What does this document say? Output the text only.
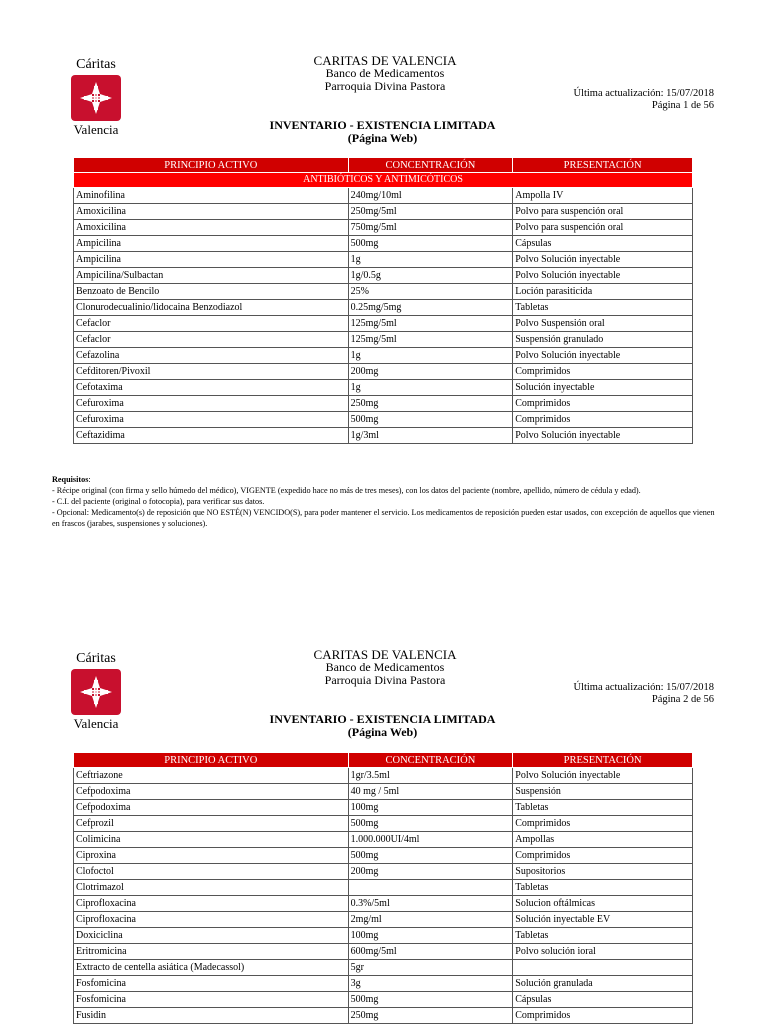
Cáritas
Valencia
CARITAS DE VALENCIA
Banco de Medicamentos
Parroquia Divina Pastora
Última actualización: 15/07/2018
Página 1 de 56
INVENTARIO - EXISTENCIA LIMITADA
(Página Web)
PRINCIPIO ACTIVO	CONCENTRACIÓN	PRESENTACIÓN
ANTIBIÓTICOS Y ANTIMICÓTICOS		
Aminofilina	240mg/10ml	Ampolla IV
Amoxicilina	250mg/5ml	Polvo para suspención oral
Amoxicilina	750mg/5ml	Polvo para suspención oral
Ampicilina	500mg	Cápsulas
Ampicilina	1g	Polvo Solución inyectable
Ampicilina/Sulbactan	1g/0.5g	Polvo Solución inyectable
Benzoato de Bencilo	25%	Loción parasiticida
Clonurodecualinio/lidocaina Benzodiazol	0.25mg/5mg	Tabletas
Cefaclor	125mg/5ml	Polvo Suspensión oral
Cefaclor	125mg/5ml	Suspensión granulado
Cefazolina	1g	Polvo Solución inyectable
Cefditoren/Pivoxil	200mg	Comprimidos
Cefotaxima	1g	Solución inyectable
Cefuroxima	250mg	Comprimidos
Cefuroxima	500mg	Comprimidos
Ceftazidima	1g/3ml	Polvo Solución inyectable
Requisitos:
- Récipe original (con firma y sello húmedo del médico), VIGENTE (expedido hace no más de tres meses), con los datos del paciente (nombre, apellido, número de cédula y edad).
- C.I. del paciente (original o fotocopia), para verificar sus datos.
- Opcional: Medicamento(s) de reposición que NO ESTÉ(N) VENCIDO(S), para poder mantener el servicio. Los medicamentos de reposición pueden estar usados, con excepción de aquellos que vienen en frascos (jarabes, suspensiones y soluciones).
Cáritas
Valencia
CARITAS DE VALENCIA
Banco de Medicamentos
Parroquia Divina Pastora
Última actualización: 15/07/2018
Página 2 de 56
INVENTARIO - EXISTENCIA LIMITADA
(Página Web)
PRINCIPIO ACTIVO	CONCENTRACIÓN	PRESENTACIÓN
Ceftriazone	1gr/3.5ml	Polvo Solución inyectable
Cefpodoxima	40 mg / 5ml	Suspensión
Cefpodoxima	100mg	Tabletas
Cefprozil	500mg	Comprimidos
Colimicina	1.000.000UI/4ml	Ampollas
Ciproxina	500mg	Comprimidos
Clofoctol	200mg	Supositorios
Clotrimazol		Tabletas
Ciprofloxacina	0.3%/5ml	Solucion oftálmicas
Ciprofloxacina	2mg/ml	Solución inyectable EV
Doxiciclina	100mg	Tabletas
Eritromicina	600mg/5ml	Polvo solución ioral
Extracto de centella asiática (Madecassol)	5gr	
Fosfomicina	3g	Solución granulada
Fosfomicina	500mg	Cápsulas
Fusidin	250mg	Comprimidos
